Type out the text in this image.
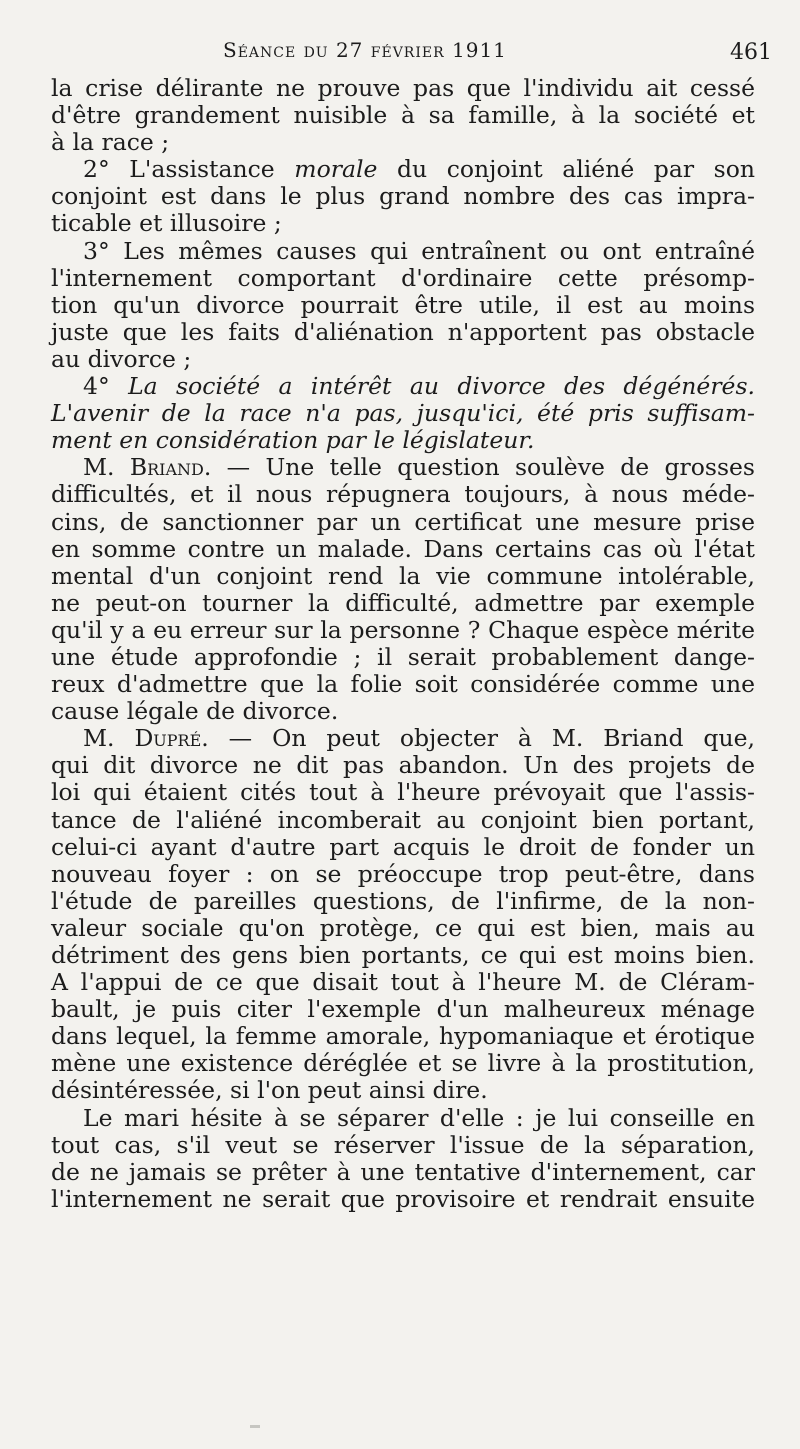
Séance du 27 février 1911	461
la crise délirante ne prouve pas que l'individu ait cessé
d'être grandement nuisible à sa famille, à la société et
à la race ;
2° L'assistance morale du conjoint aliéné par son
conjoint est dans le plus grand nombre des cas impra-
ticable et illusoire ;
3° Les mêmes causes qui entraînent ou ont entraîné
l'internement comportant d'ordinaire cette présomp-
tion qu'un divorce pourrait être utile, il est au moins
juste que les faits d'aliénation n'apportent pas obstacle
au divorce ;
4° La société a intérêt au divorce des dégénérés.
L'avenir de la race n'a pas, jusqu'ici, été pris suffisam-
ment en considération par le législateur.
M. Briand. — Une telle question soulève de grosses
difficultés, et il nous répugnera toujours, à nous méde-
cins, de sanctionner par un certificat une mesure prise
en somme contre un malade. Dans certains cas où l'état
mental d'un conjoint rend la vie commune intolérable,
ne peut-on tourner la difficulté, admettre par exemple
qu'il y a eu erreur sur la personne ? Chaque espèce mérite
une étude approfondie ; il serait probablement dange-
reux d'admettre que la folie soit considérée comme une
cause légale de divorce.
M. Dupré. — On peut objecter à M. Briand que,
qui dit divorce ne dit pas abandon. Un des projets de
loi qui étaient cités tout à l'heure prévoyait que l'assis-
tance de l'aliéné incomberait au conjoint bien portant,
celui-ci ayant d'autre part acquis le droit de fonder un
nouveau foyer : on se préoccupe trop peut-être, dans
l'étude de pareilles questions, de l'infirme, de la non-
valeur sociale qu'on protège, ce qui est bien, mais au
détriment des gens bien portants, ce qui est moins bien.
A l'appui de ce que disait tout à l'heure M. de Cléram-
bault, je puis citer l'exemple d'un malheureux ménage
dans lequel, la femme amorale, hypomaniaque et érotique
mène une existence déréglée et se livre à la prostitution,
désintéressée, si l'on peut ainsi dire.
Le mari hésite à se séparer d'elle : je lui conseille en
tout cas, s'il veut se réserver l'issue de la séparation,
de ne jamais se prêter à une tentative d'internement, car
l'internement ne serait que provisoire et rendrait ensuite
